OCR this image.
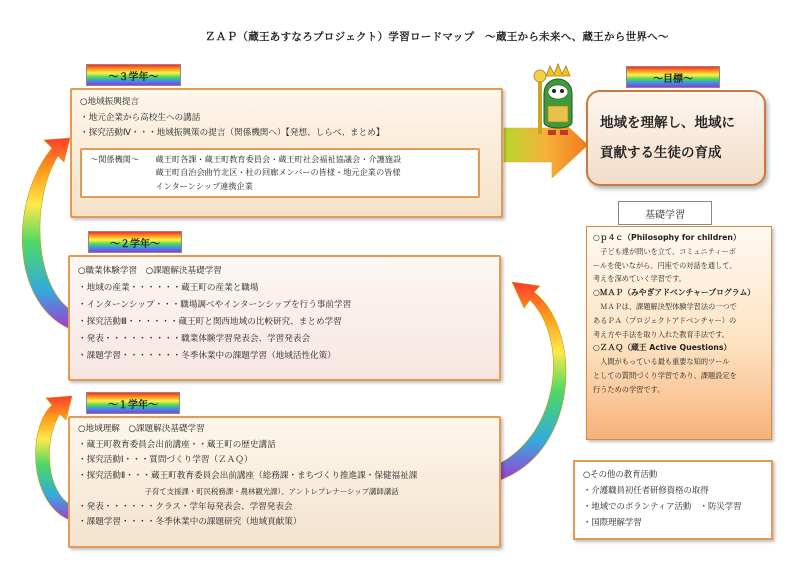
ＺＡＰ（蔵王あすなろプロジェクト）学習ロードマップ　～蔵王から未来へ、蔵王から世界へ～
～３学年～
○地域振興提言
・地元企業から高校生への講話
・探究活動Ⅳ・・・地域振興策の提言（関係機関へ）【発想、しらべ、まとめ】
～関係機関～　　蔵王町各課・蔵王町教育委員会・蔵王町社会福祉協議会・介護施設
　　　　　　　　蔵王町自治会曲竹北区・杜の回廊メンバーの皆様・地元企業の皆様
　　　　　　　　インターンシップ連携企業
～目標～
地域を理解し、地域に
貢献する生徒の育成
～２学年～
○職業体験学習　○課題解決基礎学習
・地域の産業・・・・・・蔵王町の産業と職場
・インターンシップ・・・職場調べやインターンシップを行う事前学習
・探究活動Ⅲ・・・・・・蔵王町と関西地域の比較研究、まとめ学習
・発表・・・・・・・・・職業体験学習発表会、学習発表会
・課題学習・・・・・・・冬季休業中の課題学習（地域活性化策）
基礎学習
○ｐ４ｃ（Philosophy for children）
　子ども達が問いを立て、コミュニティーボ
ールを使いながら、円座での対話を通して、
考えを深めていく学習です。
○ＭＡＰ（みやぎアドベンチャープログラム）
　ＭＡＰは、課題解決型体験学習法の一つで
あるＰＡ（プロジェクトアドベンチャー）の
考え方や手法を取り入れた教育手法です。
○ＺＡＱ（蔵王 Active Questions）
　人間がもっている最も重要な知的ツール
としての質問づくり学習であり、課題設定を
行うための学習です。
～１学年～
○地域理解　○課題解決基礎学習
・蔵王町教育委員会出前講座・・蔵王町の歴史講話
・探究活動Ⅰ・・・質問づくり学習（ＺＡＱ）
・探究活動Ⅱ・・・蔵王町教育委員会出前講座（総務課・まちづくり推進課・保健福祉課
　　　　　　　　　子育て支援課・町民税務課・農林観光課）、アントレプレナーシップ講師講話
・発表・・・・・・クラス・学年毎発表会、学習発表会
・課題学習・・・・冬季休業中の課題研究（地域貢献策）
○その他の教育活動
・介護職員初任者研修資格の取得
・地域でのボランティア活動　・防災学習
・国際理解学習
